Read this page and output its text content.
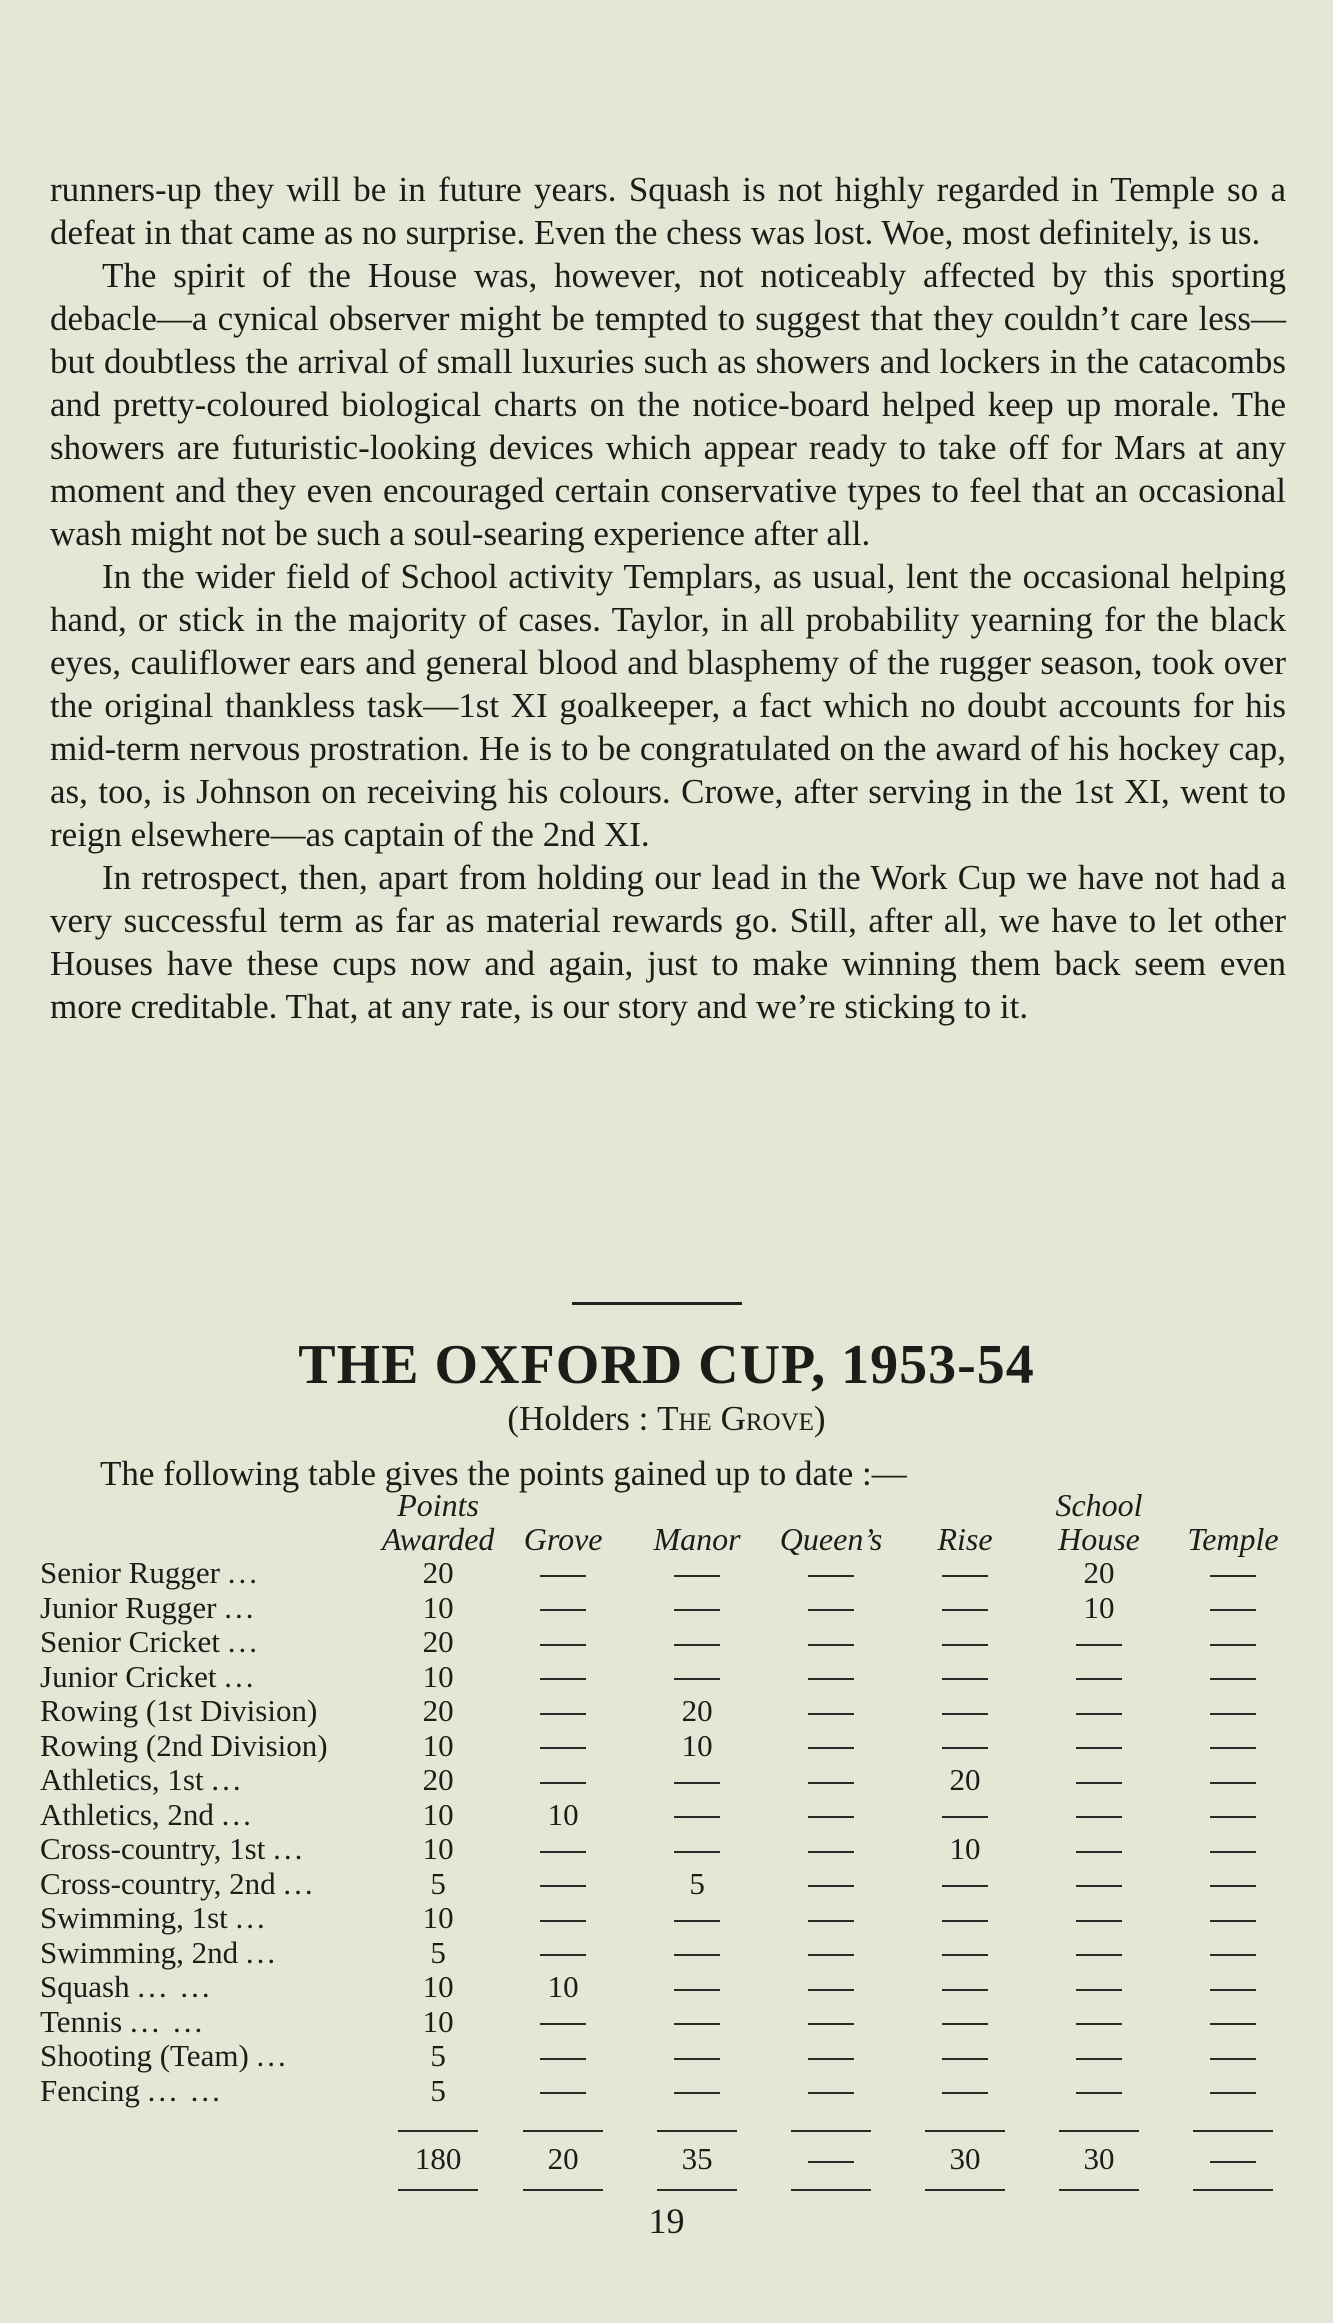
runners-up they will be in future years. Squash is not highly regarded in Temple so a defeat in that came as no surprise. Even the chess was lost. Woe, most definitely, is us.

The spirit of the House was, however, not noticeably affected by this sporting debacle—a cynical observer might be tempted to suggest that they couldn’t care less—but doubtless the arrival of small luxuries such as showers and lockers in the catacombs and pretty-coloured biological charts on the notice-board helped keep up morale. The showers are futuristic-looking devices which appear ready to take off for Mars at any moment and they even encouraged certain conservative types to feel that an occasional wash might not be such a soul-searing experience after all.

In the wider field of School activity Templars, as usual, lent the occasional helping hand, or stick in the majority of cases. Taylor, in all probability yearning for the black eyes, cauliflower ears and general blood and blasphemy of the rugger season, took over the original thankless task—1st XI goalkeeper, a fact which no doubt accounts for his mid-term nervous prostration. He is to be congratulated on the award of his hockey cap, as, too, is Johnson on receiving his colours. Crowe, after serving in the 1st XI, went to reign elsewhere—as captain of the 2nd XI.

In retrospect, then, apart from holding our lead in the Work Cup we have not had a very successful term as far as material rewards go. Still, after all, we have to let other Houses have these cups now and again, just to make winning them back seem even more creditable. That, at any rate, is our story and we’re sticking to it.

THE OXFORD CUP, 1953-54
(Holders : The Grove)
The following table gives the points gained up to date :—
	Points					School	
	Awarded	Grove	Manor	Queen’s	Rise	House	Temple
Senior Rugger ...	20					20	
Junior Rugger ...	10					10	
Senior Cricket ...	20						
Junior Cricket ...	10						
Rowing (1st Division)	20		20				
Rowing (2nd Division)	10		10				
Athletics, 1st ...	20				20		
Athletics, 2nd ...	10	10					
Cross-country, 1st ...	10				10		
Cross-country, 2nd ...	5		5				
Swimming, 1st ...	10						
Swimming, 2nd ...	5						
Squash ... ...	10	10					
Tennis ... ...	10						
Shooting (Team) ...	5						
Fencing ... ...	5						
	180	20	35		30	30	
19
